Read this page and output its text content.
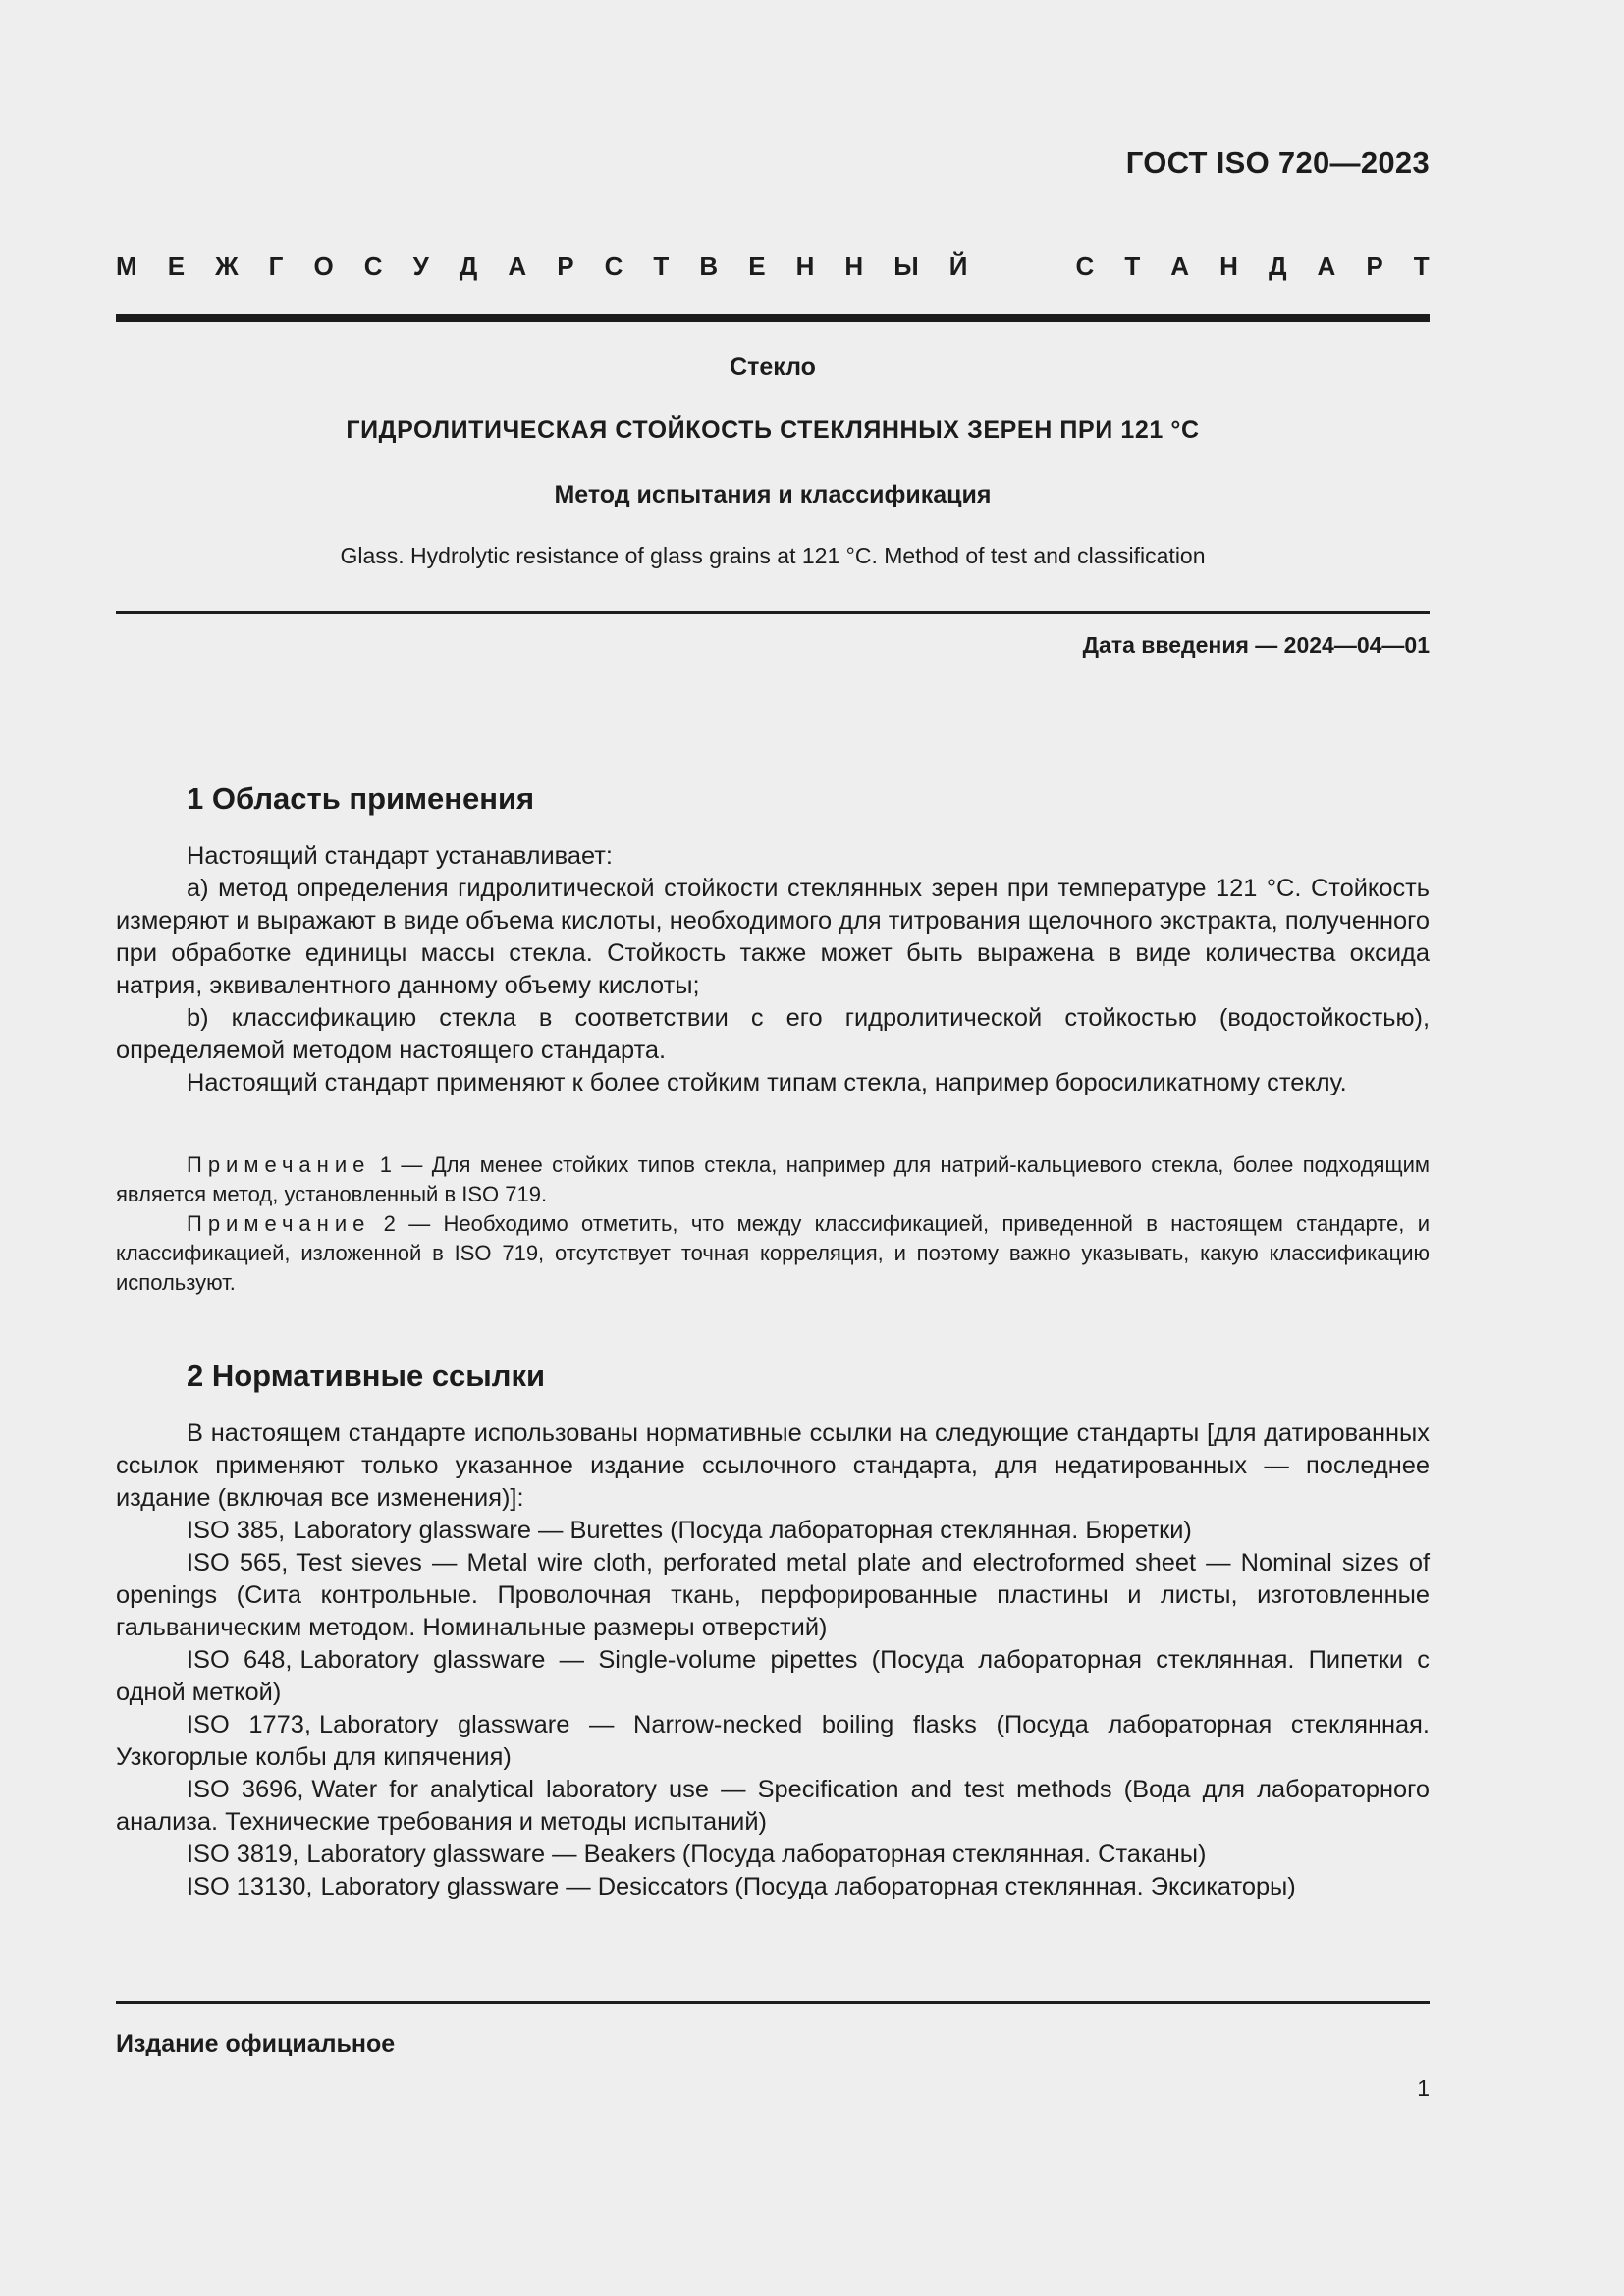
ГОСТ ISO 720—2023
М Е Ж Г О С У Д А Р С Т В Е Н Н Ы Й	С Т А Н Д А Р Т
Стекло
ГИДРОЛИТИЧЕСКАЯ СТОЙКОСТЬ СТЕКЛЯННЫХ ЗЕРЕН ПРИ 121 °С
Метод испытания и классификация
Glass. Hydrolytic resistance of glass grains at 121 °C. Method of test and classification
Дата введения — 2024—04—01
1 Область применения

Настоящий стандарт устанавливает:

a) метод определения гидролитической стойкости стеклянных зерен при температуре 121 °C. Стойкость измеряют и выражают в виде объема кислоты, необходимого для титрования щелочного экстракта, полученного при обработке единицы массы стекла. Стойкость также может быть выражена в виде количества оксида натрия, эквивалентного данному объему кислоты;

b) классификацию стекла в соответствии с его гидролитической стойкостью (водостойкостью), определяемой методом настоящего стандарта.

Настоящий стандарт применяют к более стойким типам стекла, например боросиликатному стеклу.

Примечание 1 — Для менее стойких типов стекла, например для натрий-кальциевого стекла, более подходящим является метод, установленный в ISO 719.

Примечание 2 — Необходимо отметить, что между классификацией, приведенной в настоящем стандарте, и классификацией, изложенной в ISO 719, отсутствует точная корреляция, и поэтому важно указывать, какую классификацию используют.

2 Нормативные ссылки

В настоящем стандарте использованы нормативные ссылки на следующие стандарты [для датированных ссылок применяют только указанное издание ссылочного стандарта, для недатированных — последнее издание (включая все изменения)]:

ISO 385, Laboratory glassware — Burettes (Посуда лабораторная стеклянная. Бюретки)

ISO 565, Test sieves — Metal wire cloth, perforated metal plate and electroformed sheet — Nominal sizes of openings (Сита контрольные. Проволочная ткань, перфорированные пластины и листы, изготовленные гальваническим методом. Номинальные размеры отверстий)

ISO 648, Laboratory glassware — Single-volume pipettes (Посуда лабораторная стеклянная. Пипетки с одной меткой)

ISO 1773, Laboratory glassware — Narrow-necked boiling flasks (Посуда лабораторная стеклянная. Узкогорлые колбы для кипячения)

ISO 3696, Water for analytical laboratory use — Specification and test methods (Вода для лабораторного анализа. Технические требования и методы испытаний)

ISO 3819, Laboratory glassware — Beakers (Посуда лабораторная стеклянная. Стаканы)

ISO 13130, Laboratory glassware — Desiccators (Посуда лабораторная стеклянная. Эксикаторы)

Издание официальное
1
